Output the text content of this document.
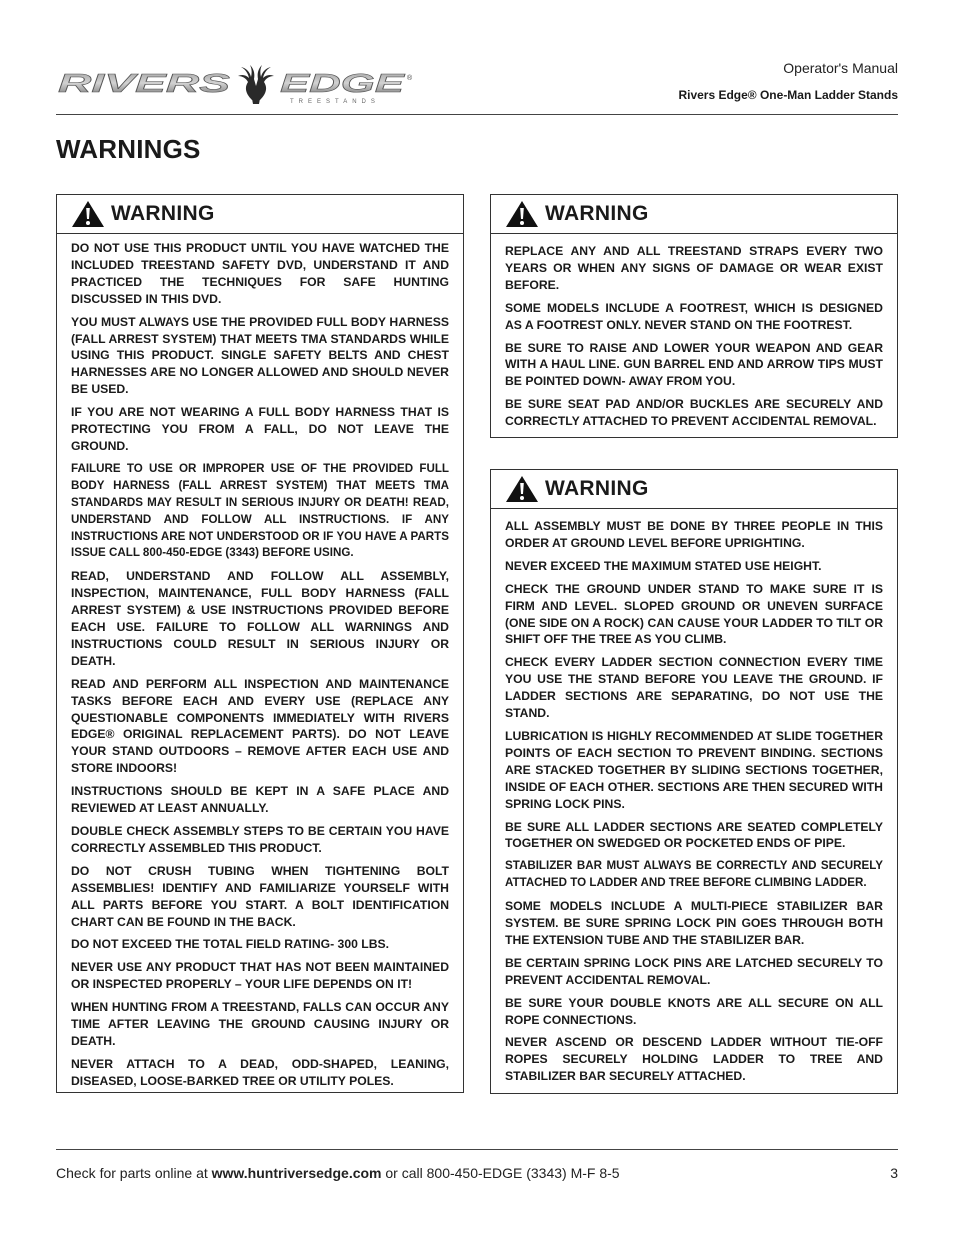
RIVERS EDGE ®
TREESTANDS
Operator's Manual
Rivers Edge® One-Man Ladder Stands
WARNINGS
WARNING

DO NOT USE THIS PRODUCT UNTIL YOU HAVE WATCHED THE INCLUDED TREESTAND SAFETY DVD, UNDERSTAND IT AND PRACTICED THE TECHNIQUES FOR SAFE HUNTING DISCUSSED IN THIS DVD.

YOU MUST ALWAYS USE THE PROVIDED FULL BODY HARNESS (FALL ARREST SYSTEM) THAT MEETS TMA STANDARDS WHILE USING THIS PRODUCT. SINGLE SAFETY BELTS AND CHEST HARNESSES ARE NO LONGER ALLOWED AND SHOULD NEVER BE USED.

IF YOU ARE NOT WEARING A FULL BODY HARNESS THAT IS PROTECTING YOU FROM A FALL, DO NOT LEAVE THE GROUND.

FAILURE TO USE OR IMPROPER USE OF THE PROVIDED FULL BODY HARNESS (FALL ARREST SYSTEM) THAT MEETS TMA STANDARDS MAY RESULT IN SERIOUS INJURY OR DEATH! READ, UNDERSTAND AND FOLLOW ALL INSTRUCTIONS. IF ANY INSTRUCTIONS ARE NOT UNDERSTOOD OR IF YOU HAVE A PARTS ISSUE CALL 800-450-EDGE (3343) BEFORE USING.

READ, UNDERSTAND AND FOLLOW ALL ASSEMBLY, INSPECTION, MAINTENANCE, FULL BODY HARNESS (FALL ARREST SYSTEM) & USE INSTRUCTIONS PROVIDED BEFORE EACH USE. FAILURE TO FOLLOW ALL WARNINGS AND INSTRUCTIONS COULD RESULT IN SERIOUS INJURY OR DEATH.

READ AND PERFORM ALL INSPECTION AND MAINTENANCE TASKS BEFORE EACH AND EVERY USE (REPLACE ANY QUESTIONABLE COMPONENTS IMMEDIATELY WITH RIVERS EDGE® ORIGINAL REPLACEMENT PARTS). DO NOT LEAVE YOUR STAND OUTDOORS – REMOVE AFTER EACH USE AND STORE INDOORS!

INSTRUCTIONS SHOULD BE KEPT IN A SAFE PLACE AND REVIEWED AT LEAST ANNUALLY.

DOUBLE CHECK ASSEMBLY STEPS TO BE CERTAIN YOU HAVE CORRECTLY ASSEMBLED THIS PRODUCT.

DO NOT CRUSH TUBING WHEN TIGHTENING BOLT ASSEMBLIES! IDENTIFY AND FAMILIARIZE YOURSELF WITH ALL PARTS BEFORE YOU START. A BOLT IDENTIFICATION CHART CAN BE FOUND IN THE BACK.

DO NOT EXCEED THE TOTAL FIELD RATING- 300 LBS.

NEVER USE ANY PRODUCT THAT HAS NOT BEEN MAINTAINED OR INSPECTED PROPERLY – YOUR LIFE DEPENDS ON IT!

WHEN HUNTING FROM A TREESTAND, FALLS CAN OCCUR ANY TIME AFTER LEAVING THE GROUND CAUSING INJURY OR DEATH.

NEVER ATTACH TO A DEAD, ODD-SHAPED, LEANING, DISEASED, LOOSE-BARKED TREE OR UTILITY POLES.

WARNING

REPLACE ANY AND ALL TREESTAND STRAPS EVERY TWO YEARS OR WHEN ANY SIGNS OF DAMAGE OR WEAR EXIST BEFORE.

SOME MODELS INCLUDE A FOOTREST, WHICH IS DESIGNED AS A FOOTREST ONLY. NEVER STAND ON THE FOOTREST.

BE SURE TO RAISE AND LOWER YOUR WEAPON AND GEAR WITH A HAUL LINE. GUN BARREL END AND ARROW TIPS MUST BE POINTED DOWN- AWAY FROM YOU.

BE SURE SEAT PAD AND/OR BUCKLES ARE SECURELY AND CORRECTLY ATTACHED TO PREVENT ACCIDENTAL REMOVAL.

WARNING

ALL ASSEMBLY MUST BE DONE BY THREE PEOPLE IN THIS ORDER AT GROUND LEVEL BEFORE UPRIGHTING.

NEVER EXCEED THE MAXIMUM STATED USE HEIGHT.

CHECK THE GROUND UNDER STAND TO MAKE SURE IT IS FIRM AND LEVEL. SLOPED GROUND OR UNEVEN SURFACE (ONE SIDE ON A ROCK) CAN CAUSE YOUR LADDER TO TILT OR SHIFT OFF THE TREE AS YOU CLIMB.

CHECK EVERY LADDER SECTION CONNECTION EVERY TIME YOU USE THE STAND BEFORE YOU LEAVE THE GROUND. IF LADDER SECTIONS ARE SEPARATING, DO NOT USE THE STAND.

LUBRICATION IS HIGHLY RECOMMENDED AT SLIDE TOGETHER POINTS OF EACH SECTION TO PREVENT BINDING. SECTIONS ARE STACKED TOGETHER BY SLIDING SECTIONS TOGETHER, INSIDE OF EACH OTHER. SECTIONS ARE THEN SECURED WITH SPRING LOCK PINS.

BE SURE ALL LADDER SECTIONS ARE SEATED COMPLETELY TOGETHER ON SWEDGED OR POCKETED ENDS OF PIPE.

STABILIZER BAR MUST ALWAYS BE CORRECTLY AND SECURELY ATTACHED TO LADDER AND TREE BEFORE CLIMBING LADDER.

SOME MODELS INCLUDE A MULTI-PIECE STABILIZER BAR SYSTEM. BE SURE SPRING LOCK PIN GOES THROUGH BOTH THE EXTENSION TUBE AND THE STABILIZER BAR.

BE CERTAIN SPRING LOCK PINS ARE LATCHED SECURELY TO PREVENT ACCIDENTAL REMOVAL.

BE SURE YOUR DOUBLE KNOTS ARE ALL SECURE ON ALL ROPE CONNECTIONS.

NEVER ASCEND OR DESCEND LADDER WITHOUT TIE-OFF ROPES SECURELY HOLDING LADDER TO TREE AND STABILIZER BAR SECURELY ATTACHED.

Check for parts online at www.huntriversedge.com or call 800-450-EDGE (3343) M-F 8-5	3
